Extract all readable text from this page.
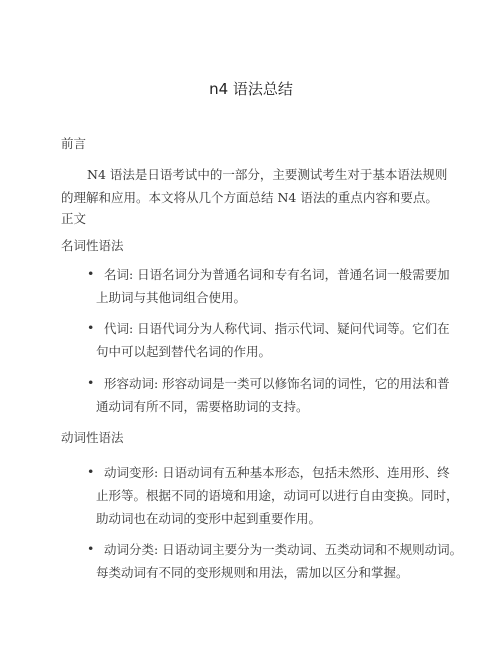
n4 语法总结
前言
N4 语法是日语考试中的一部分，主要测试考生对于基本语法规则
的理解和应用。本文将从几个方面总结 N4 语法的重点内容和要点。
正文
名词性语法
• 名词: 日语名词分为普通名词和专有名词，普通名词一般需要加
上助词与其他词组合使用。
• 代词: 日语代词分为人称代词、指示代词、疑问代词等。它们在
句中可以起到替代名词的作用。
• 形容动词: 形容动词是一类可以修饰名词的词性，它的用法和普
通动词有所不同，需要格助词的支持。
动词性语法
• 动词变形: 日语动词有五种基本形态，包括未然形、连用形、终
止形等。根据不同的语境和用途，动词可以进行自由变换。同时，
助动词也在动词的变形中起到重要作用。
• 动词分类: 日语动词主要分为一类动词、五类动词和不规则动词。
每类动词有不同的变形规则和用法，需加以区分和掌握。
